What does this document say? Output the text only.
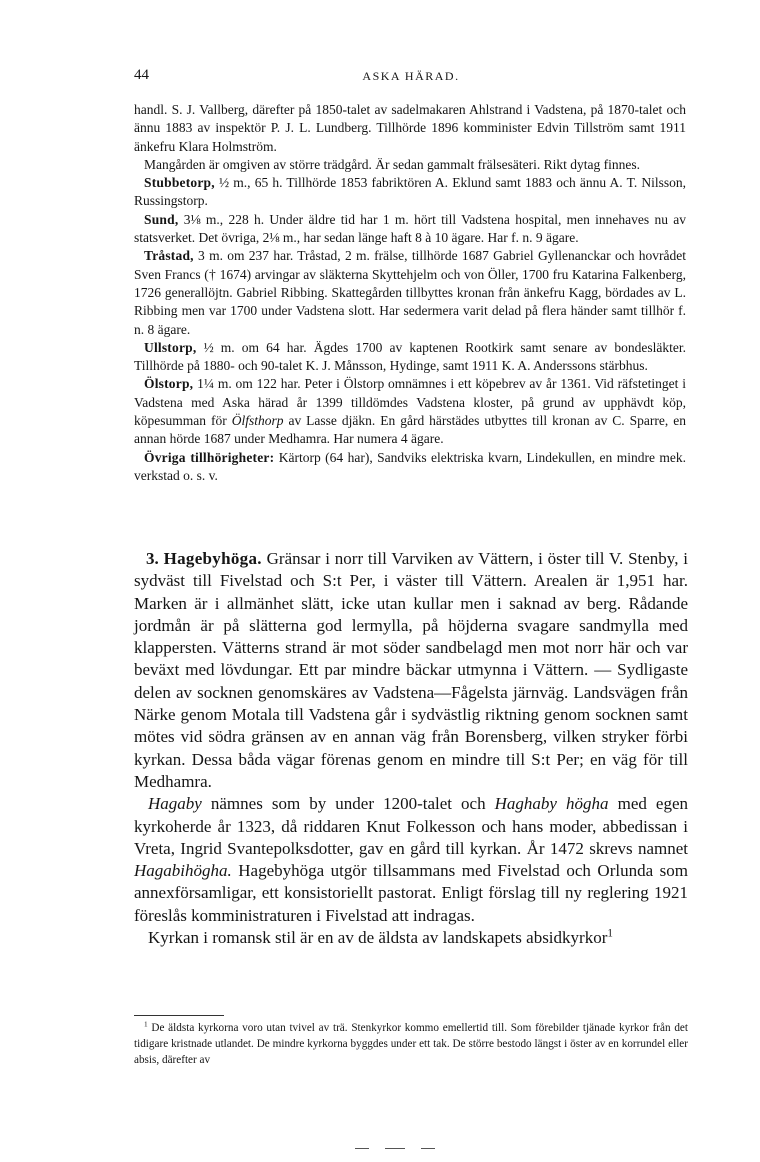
44	ASKA HÄRAD.

handl. S. J. Vallberg, därefter på 1850-talet av sadelmakaren Ahlstrand i Vadstena, på 1870-talet och ännu 1883 av inspektör P. J. L. Lundberg. Tillhörde 1896 komminister Edvin Tillström samt 1911 änkefru Klara Holmström.

Mangården är omgiven av större trädgård. Är sedan gammalt frälsesäteri. Rikt dytag finnes.

Stubbetorp, ½ m., 65 h. Tillhörde 1853 fabriktören A. Eklund samt 1883 och ännu A. T. Nilsson, Russingstorp.

Sund, 3⅛ m., 228 h. Under äldre tid har 1 m. hört till Vadstena hospital, men innehaves nu av statsverket. Det övriga, 2⅛ m., har sedan länge haft 8 à 10 ägare. Har f. n. 9 ägare.

Tråstad, 3 m. om 237 har. Tråstad, 2 m. frälse, tillhörde 1687 Gabriel Gyllenanckar och hovrådet Sven Francs († 1674) arvingar av släkterna Skyttehjelm och von Öller, 1700 fru Katarina Falkenberg, 1726 generallöjtn. Gabriel Ribbing. Skattegården tillbyttes kronan från änkefru Kagg, bördades av L. Ribbing men var 1700 under Vadstena slott. Har sedermera varit delad på flera händer samt tillhör f. n. 8 ägare.

Ullstorp, ½ m. om 64 har. Ägdes 1700 av kaptenen Rootkirk samt senare av bondesläkter. Tillhörde på 1880- och 90-talet K. J. Månsson, Hydinge, samt 1911 K. A. Anderssons stärbhus.

Ölstorp, 1¼ m. om 122 har. Peter i Ölstorp omnämnes i ett köpebrev av år 1361. Vid räfstetinget i Vadstena med Aska härad år 1399 tilldömdes Vadstena kloster, på grund av upphävdt köp, köpesumman för Ölfsthorp av Lasse djäkn. En gård härstädes utbyttes till kronan av C. Sparre, en annan hörde 1687 under Medhamra. Har numera 4 ägare.

Övriga tillhörigheter: Kärtorp (64 har), Sandviks elektriska kvarn, Lindekullen, en mindre mek. verkstad o. s. v.

3. Hagebyhöga. Gränsar i norr till Varviken av Vättern, i öster till V. Stenby, i sydväst till Fivelstad och S:t Per, i väster till Vättern. Arealen är 1,951 har. Marken är i allmänhet slätt, icke utan kullar men i saknad av berg. Rådande jordmån är på slätterna god lermylla, på höjderna svagare sandmylla med klappersten. Vätterns strand är mot söder sandbelagd men mot norr här och var beväxt med lövdungar. Ett par mindre bäckar utmynna i Vättern. — Sydligaste delen av socknen genomskäres av Vadstena—Fågelsta järnväg. Landsvägen från Närke genom Motala till Vadstena går i sydvästlig riktning genom socknen samt mötes vid södra gränsen av en annan väg från Borensberg, vilken stryker förbi kyrkan. Dessa båda vägar förenas genom en mindre till S:t Per; en väg för till Medhamra.

Hagaby nämnes som by under 1200-talet och Haghaby högha med egen kyrkoherde år 1323, då riddaren Knut Folkesson och hans moder, abbedissan i Vreta, Ingrid Svantepolksdotter, gav en gård till kyrkan. År 1472 skrevs namnet Hagabihögha. Hagebyhöga utgör tillsammans med Fivelstad och Orlunda som annexförsamligar, ett konsistoriellt pastorat. Enligt förslag till ny reglering 1921 föreslås komministraturen i Fivelstad att indragas.

Kyrkan i romansk stil är en av de äldsta av landskapets absidkyrkor$^1$

$^1$ De äldsta kyrkorna voro utan tvivel av trä. Stenkyrkor kommo emellertid till. Som förebilder tjänade kyrkor från det tidigare kristnade utlandet. De mindre kyrkorna byggdes under ett tak. De större bestodo längst i öster av en korrundel eller absis, därefter av
